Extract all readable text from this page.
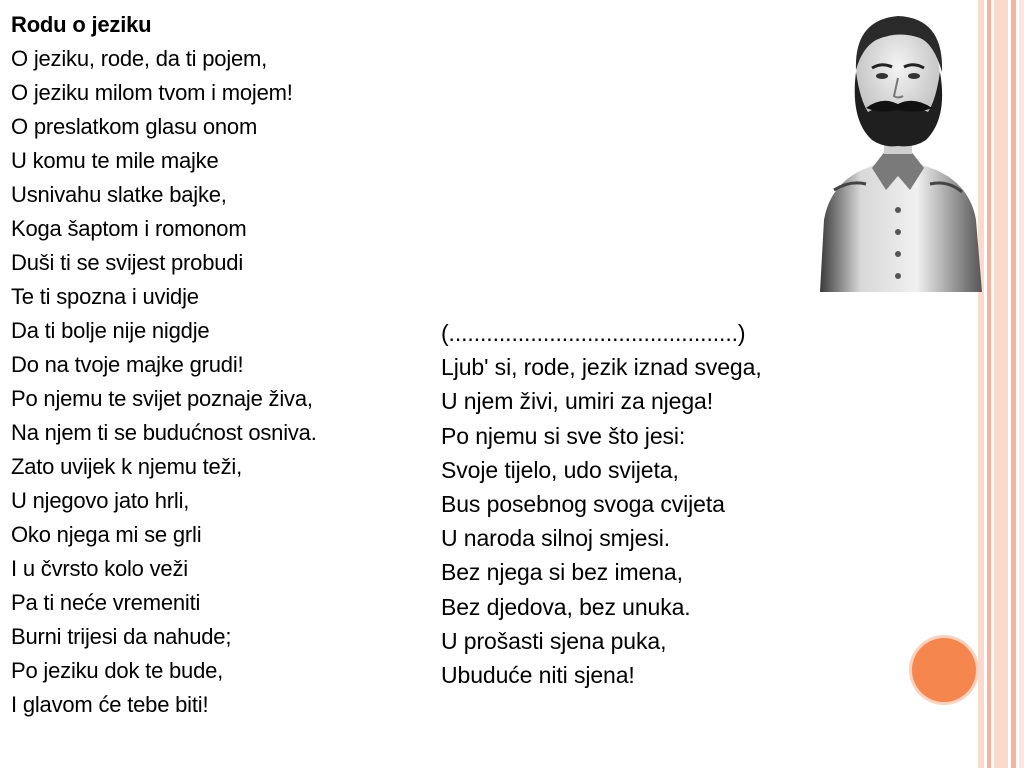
Rodu o jeziku
O jeziku, rode, da ti pojem,
O jeziku milom tvom i mojem!
O preslatkom glasu onom
U komu te mile majke
Usnivahu slatke bajke,
Koga šaptom i romonom
Duši ti se svijest probudi
Te ti spozna i uvidje
Da ti bolje nije nigdje
Do na tvoje majke grudi!
Po njemu te svijet poznaje živa,
Na njem ti se budućnost osniva.
Zato uvijek k njemu teži,
U njegovo jato hrli,
Oko njega mi se grli
I u čvrsto kolo veži
Pa ti neće vremeniti
Burni trijesi da nahude;
Po jeziku dok te bude,
I glavom će tebe biti!
(..............................................)
Ljub' si, rode, jezik iznad svega,
U njem živi, umiri za njega!
Po njemu si sve što jesi:
Svoje tijelo, udo svijeta,
Bus posebnog svoga cvijeta
U naroda silnoj smjesi.
Bez njega si bez imena,
Bez djedova, bez unuka.
U prošasti sjena puka,
Ubuduće niti sjena!
